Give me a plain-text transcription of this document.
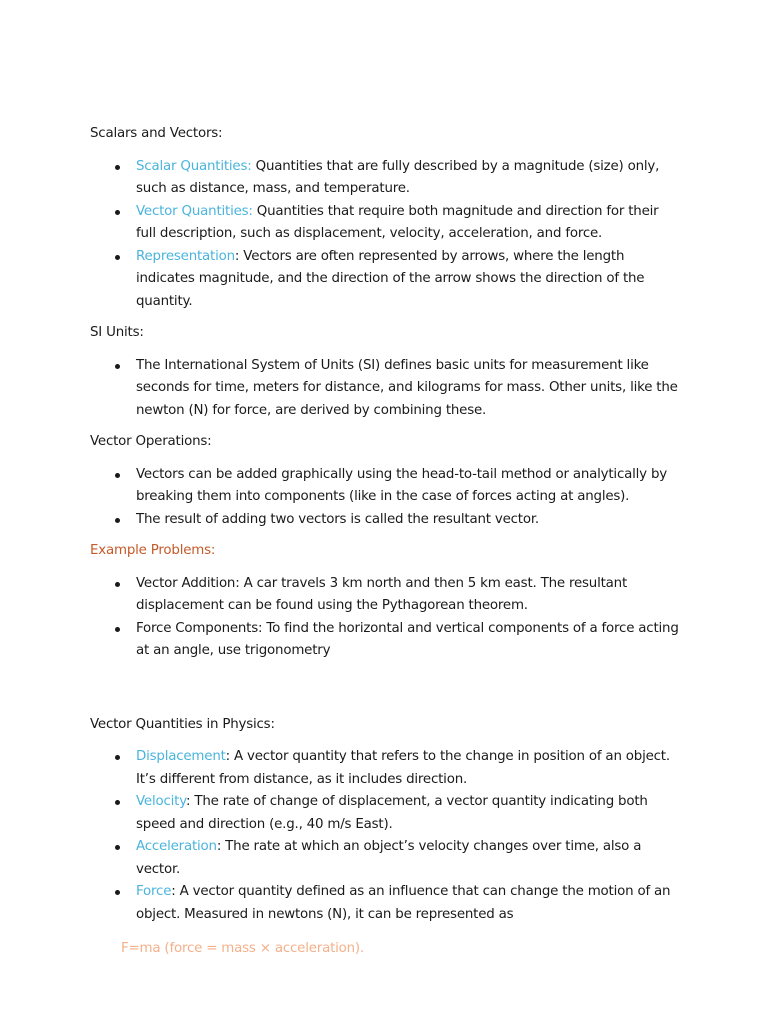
Scalars and Vectors:

Scalar Quantities: Quantities that are fully described by a magnitude (size) only, such as distance, mass, and temperature.
Vector Quantities: Quantities that require both magnitude and direction for their full description, such as displacement, velocity, acceleration, and force.
Representation: Vectors are often represented by arrows, where the length indicates magnitude, and the direction of the arrow shows the direction of the quantity.

SI Units:

The International System of Units (SI) defines basic units for measurement like seconds for time, meters for distance, and kilograms for mass. Other units, like the newton (N) for force, are derived by combining these.

Vector Operations:

Vectors can be added graphically using the head-to-tail method or analytically by breaking them into components (like in the case of forces acting at angles).
The result of adding two vectors is called the resultant vector.

Example Problems:

Vector Addition: A car travels 3 km north and then 5 km east. The resultant displacement can be found using the Pythagorean theorem.
Force Components: To find the horizontal and vertical components of a force acting at an angle, use trigonometry

Vector Quantities in Physics:

Displacement: A vector quantity that refers to the change in position of an object. It’s different from distance, as it includes direction.
Velocity: The rate of change of displacement, a vector quantity indicating both speed and direction (e.g., 40 m/s East).
Acceleration: The rate at which an object’s velocity changes over time, also a vector.
Force: A vector quantity defined as an influence that can change the motion of an object. Measured in newtons (N), it can be represented as

F=ma (force = mass × acceleration).
